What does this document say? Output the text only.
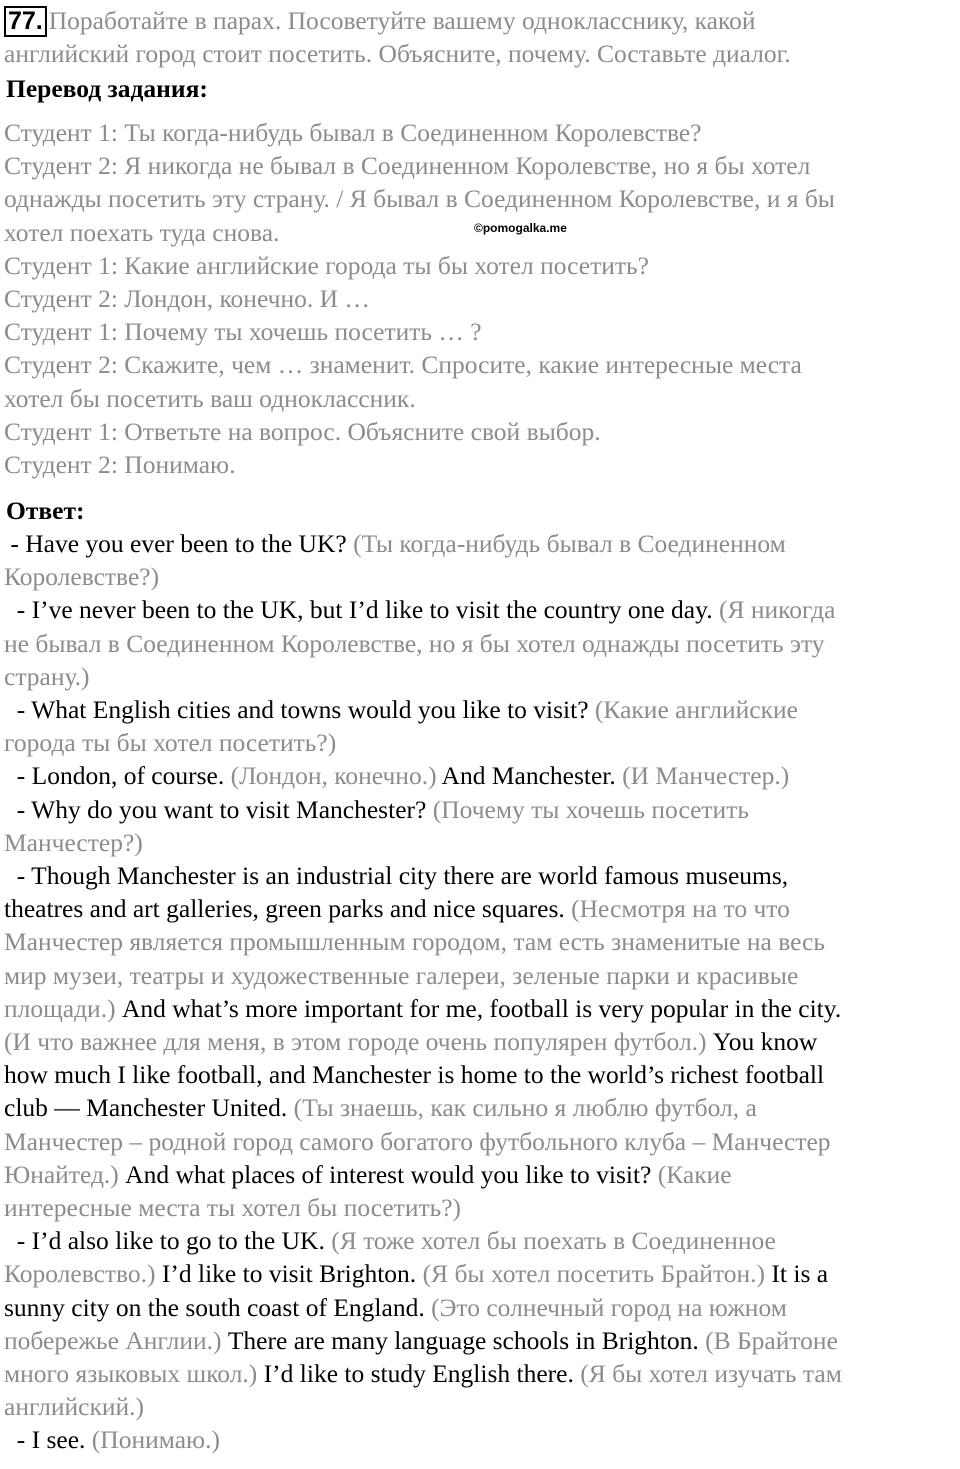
77. Поработайте в парах. Посоветуйте вашему однокласснику, какой
английский город стоит посетить. Объясните, почему. Составьте диалог.
Перевод задания:
Студент 1: Ты когда-нибудь бывал в Соединенном Королевстве?
Студент 2: Я никогда не бывал в Соединенном Королевстве, но я бы хотел
однажды посетить эту страну. / Я бывал в Соединенном Королевстве, и я бы
хотел поехать туда снова.
Студент 1: Какие английские города ты бы хотел посетить?
Студент 2: Лондон, конечно. И …
Студент 1: Почему ты хочешь посетить … ?
Студент 2: Скажите, чем … знаменит. Спросите, какие интересные места
хотел бы посетить ваш одноклассник.
Студент 1: Ответьте на вопрос. Объясните свой выбор.
Студент 2: Понимаю.
©pomogalka.me
Ответ:
- Have you ever been to the UK? (Ты когда-нибудь бывал в Соединенном
Королевстве?)
- I’ve never been to the UK, but I’d like to visit the country one day. (Я никогда
не бывал в Соединенном Королевстве, но я бы хотел однажды посетить эту
страну.)
- What English cities and towns would you like to visit? (Какие английские
города ты бы хотел посетить?)
- London, of course. (Лондон, конечно.) And Manchester. (И Манчестер.)
- Why do you want to visit Manchester? (Почему ты хочешь посетить
Манчестер?)
- Though Manchester is an industrial city there are world famous museums,
theatres and art galleries, green parks and nice squares. (Несмотря на то что
Манчестер является промышленным городом, там есть знаменитые на весь
мир музеи, театры и художественные галереи, зеленые парки и красивые
площади.) And what’s more important for me, football is very popular in the city.
(И что важнее для меня, в этом городе очень популярен футбол.) You know
how much I like football, and Manchester is home to the world’s richest football
club — Manchester United. (Ты знаешь, как сильно я люблю футбол, а
Манчестер – родной город самого богатого футбольного клуба – Манчестер
Юнайтед.) And what places of interest would you like to visit? (Какие
интересные места ты хотел бы посетить?)
- I’d also like to go to the UK. (Я тоже хотел бы поехать в Соединенное
Королевство.) I’d like to visit Brighton. (Я бы хотел посетить Брайтон.) It is a
sunny city on the south coast of England. (Это солнечный город на южном
побережье Англии.) There are many language schools in Brighton. (В Брайтоне
много языковых школ.) I’d like to study English there. (Я бы хотел изучать там
английский.)
- I see. (Понимаю.)
